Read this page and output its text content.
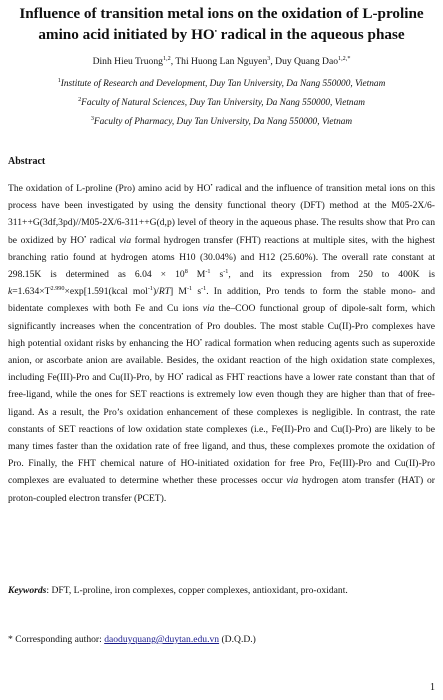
Influence of transition metal ions on the oxidation of L-proline amino acid initiated by HO• radical in the aqueous phase
Dinh Hieu Truong$^{1,2}$, Thi Huong Lan Nguyen$^3$, Duy Quang Dao$^{1,2,*}$
$^1$Institute of Research and Development, Duy Tan University, Da Nang 550000, Vietnam
$^2$Faculty of Natural Sciences, Duy Tan University, Da Nang 550000, Vietnam
$^3$Faculty of Pharmacy, Duy Tan University, Da Nang 550000, Vietnam
Abstract

The oxidation of L-proline (Pro) amino acid by HO• radical and the influence of transition metal ions on this process have been investigated by using the density functional theory (DFT) method at the M05-2X/6-311++G(3df,3pd)//M05-2X/6-311++G(d,p) level of theory in the aqueous phase. The results show that Pro can be oxidized by HO• radical via formal hydrogen transfer (FHT) reactions at multiple sites, with the highest branching ratio found at hydrogen atoms H10 (30.04%) and H12 (25.60%). The overall rate constant at 298.15K is determined as $6.04 \times 10^8$ $M^{-1}$ $s^{-1}$, and its expression from 250 to 400K is $k=1.634\times T^{2.990}\times\exp[1.591(kcal$ mol$^{-1}$)/RT] $M^{-1}$ $s^{-1}$. In addition, Pro tends to form the stable mono- and bidentate complexes with both Fe and Cu ions via the–COO functional group of dipole-salt form, which significantly increases when the concentration of Pro doubles. The most stable Cu(II)-Pro complexes have high potential oxidant risks by enhancing the HO• radical formation when reducing agents such as superoxide anion, or ascorbate anion are available. Besides, the oxidant reaction of the high oxidation state complexes, including Fe(III)-Pro and Cu(II)-Pro, by HO• radical as FHT reactions have a lower rate constant than that of free-ligand, while the ones for SET reactions is extremely low even though they are higher than that of free-ligand. As a result, the Pro’s oxidation enhancement of these complexes is negligible. In contrast, the rate constants of SET reactions of low oxidation state complexes (i.e., Fe(II)-Pro and Cu(I)-Pro) are likely to be many times faster than the oxidation rate of free ligand, and thus, these complexes promote the oxidation of Pro. Finally, the FHT chemical nature of HO-initiated oxidation for free Pro, Fe(III)-Pro and Cu(II)-Pro complexes are evaluated to determine whether these processes occur via hydrogen atom transfer (HAT) or proton-coupled electron transfer (PCET).

Keywords: DFT, L-proline, iron complexes, copper complexes, antioxidant, pro-oxidant.

* Corresponding author: daoduyquang@duytan.edu.vn (D.Q.D.)

1
